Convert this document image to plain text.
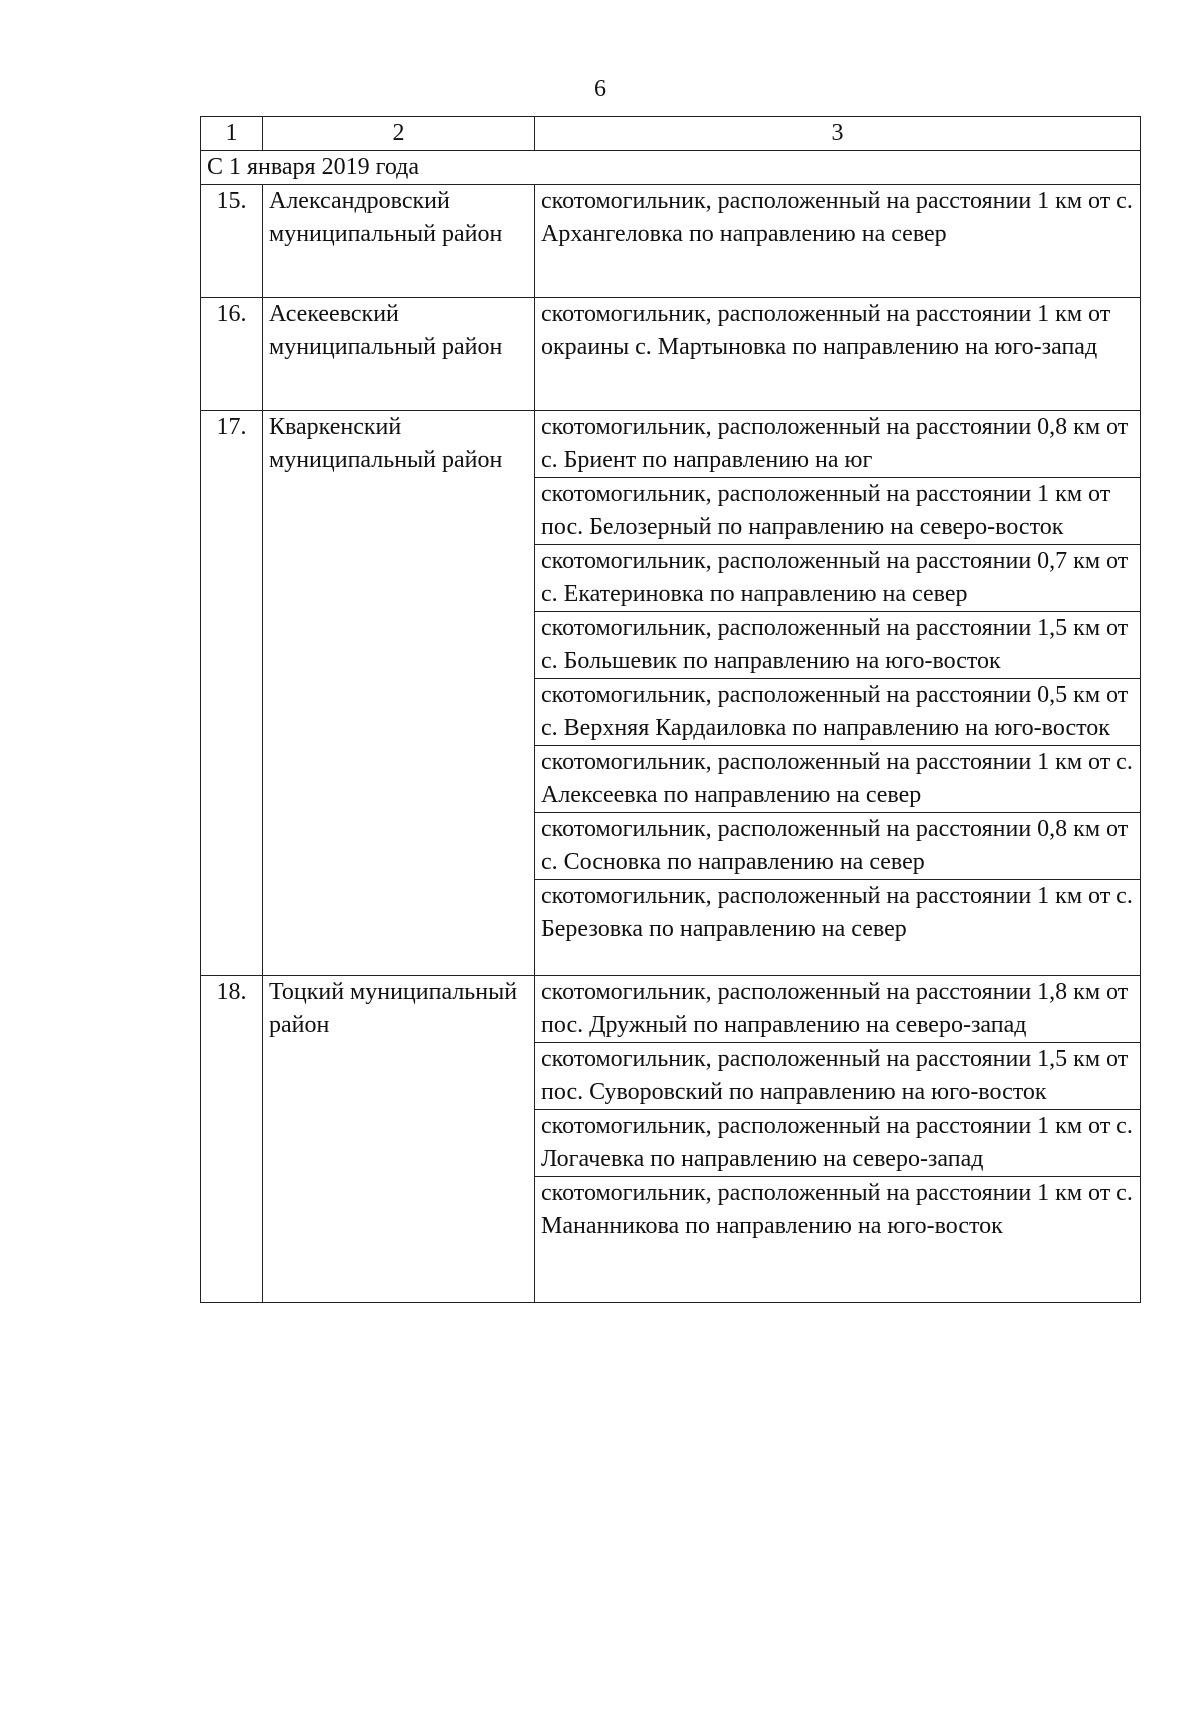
6
1	2	3
С 1 января 2019 года		
15.	Александровский муниципальный район	скотомогильник, расположенный на расстоянии 1 км от с. Архангеловка по направлению на север
16.	Асекеевский муниципальный район	скотомогильник, расположенный на расстоянии 1 км от окраины с. Мартыновка по направлению на юго-запад
17.	Кваркенский муниципальный район	скотомогильник, расположенный на расстоянии 0,8 км от с. Бриент по направлению на юг
		скотомогильник, расположенный на расстоянии 1 км от пос. Белозерный по направлению на северо-восток
		скотомогильник, расположенный на расстоянии 0,7 км от с. Екатериновка по направлению на север
		скотомогильник, расположенный на расстоянии 1,5 км от с. Большевик по направлению на юго-восток
		скотомогильник, расположенный на расстоянии 0,5 км от с. Верхняя Кардаиловка по направлению на юго-восток
		скотомогильник, расположенный на расстоянии 1 км от с. Алексеевка по направлению на север
		скотомогильник, расположенный на расстоянии 0,8 км от с. Сосновка по направлению на север
		скотомогильник, расположенный на расстоянии 1 км от с. Березовка по направлению на север
18.	Тоцкий муниципальный район	скотомогильник, расположенный на расстоянии 1,8 км от пос. Дружный по направлению на северо-запад
		скотомогильник, расположенный на расстоянии 1,5 км от пос. Суворовский по направлению на юго-восток
		скотомогильник, расположенный на расстоянии 1 км от с. Логачевка по направлению на северо-запад
		скотомогильник, расположенный на расстоянии 1 км от с. Мананникова по направлению на юго-восток
